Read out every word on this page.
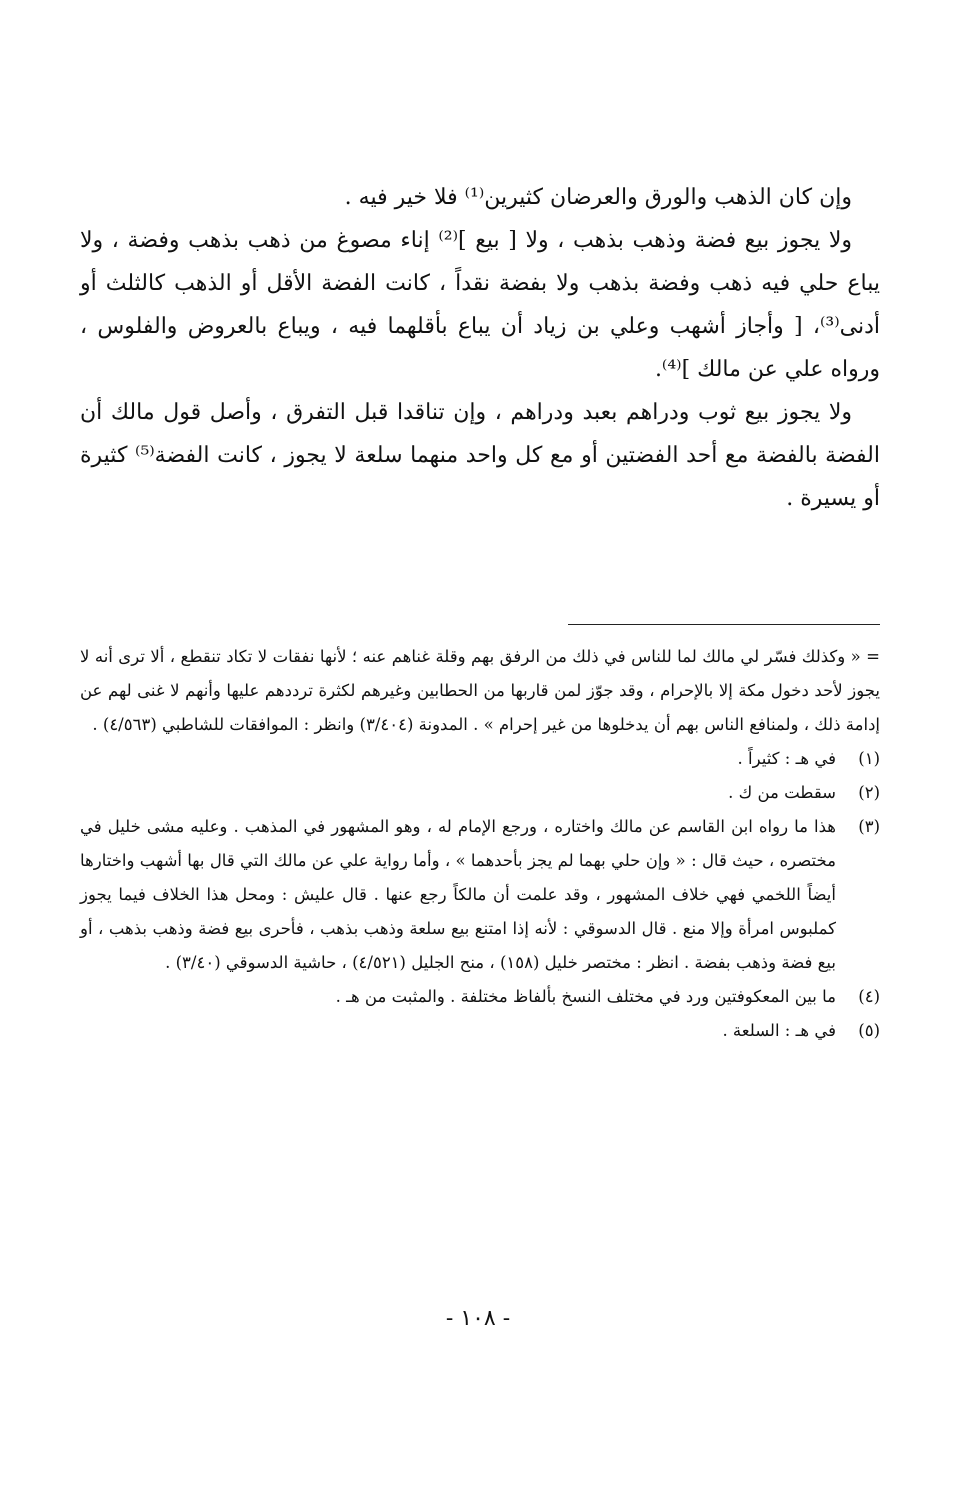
وإن كان الذهب والورق والعرضان كثيرين⁽¹⁾ فلا خير فيه .

ولا يجوز بيع فضة وذهب بذهب ، ولا [ بيع ]⁽²⁾ إناء مصوغ من ذهب بذهب وفضة ، ولا يباع حلي فيه ذهب وفضة بذهب ولا بفضة نقداً ، كانت الفضة الأقل أو الذهب كالثلث أو أدنى⁽³⁾، [ وأجاز أشهب وعلي بن زياد أن يباع بأقلهما فيه ، ويباع بالعروض والفلوس ، ورواه علي عن مالك ]⁽⁴⁾.

ولا يجوز بيع ثوب ودراهم بعبد ودراهم ، وإن تناقدا قبل التفرق ، وأصل قول مالك أن الفضة بالفضة مع أحد الفضتين أو مع كل واحد منهما سلعة لا يجوز ، كانت الفضة⁽⁵⁾ كثيرة أو يسيرة .

= « وكذلك فسّر لي مالك لما للناس في ذلك من الرفق بهم وقلة غناهم عنه ؛ لأنها نفقات لا تكاد تنقطع ، ألا ترى أنه لا يجوز لأحد دخول مكة إلا بالإحرام ، وقد جوّز لمن قاربها من الحطابين وغيرهم لكثرة ترددهم عليها وأنهم لا غنى لهم عن إدامة ذلك ، ولمنافع الناس بهم أن يدخلوها من غير إحرام » . المدونة (٣/٤٠٤) وانظر : الموافقات للشاطبي (٤/٥٦٣) .

(١)
في هـ : كثيراً .
(٢)
سقطت من ك .
(٣)
هذا ما رواه ابن القاسم عن مالك واختاره ، ورجع الإمام له ، وهو المشهور في المذهب . وعليه مشى خليل في مختصره ، حيث قال : « وإن حلي بهما لم يجز بأحدهما » ، وأما رواية علي عن مالك التي قال بها أشهب واختارها أيضاً اللخمي فهي خلاف المشهور ، وقد علمت أن مالكاً رجع عنها . قال عليش : ومحل هذا الخلاف فيما يجوز كملبوس امرأة وإلا منع . قال الدسوقي : لأنه إذا امتنع بيع سلعة وذهب بذهب ، فأحرى بيع فضة وذهب بذهب ، أو بيع فضة وذهب بفضة . انظر : مختصر خليل (١٥٨) ، منح الجليل (٤/٥٢١) ، حاشية الدسوقي (٣/٤٠) .
(٤)
ما بين المعكوفتين ورد في مختلف النسخ بألفاظ مختلفة . والمثبت من هـ .
(٥)
في هـ : السلعة .
- ١٠٨ -
